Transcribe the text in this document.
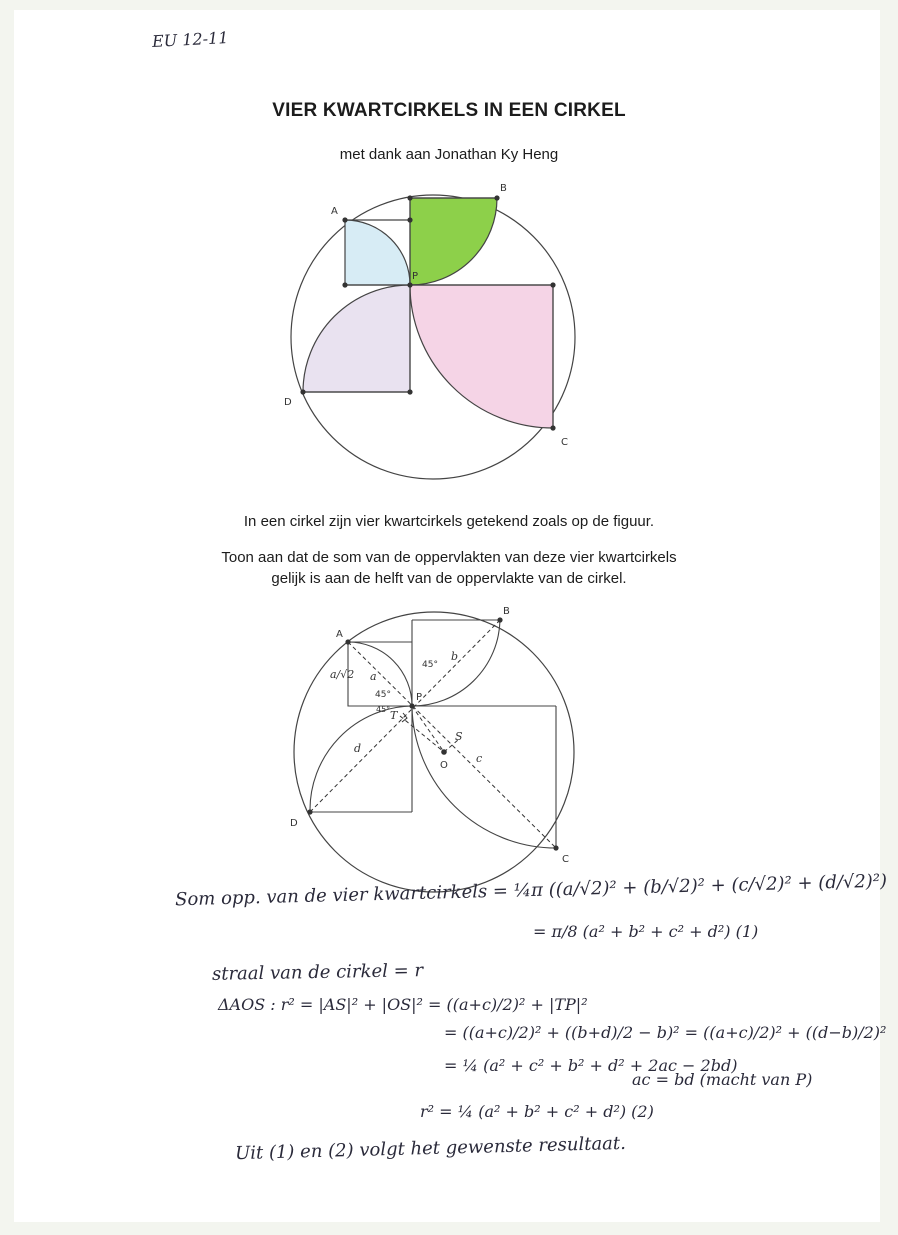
EU 12-11
VIER KWARTCIRKELS IN EEN CIRKEL
met dank aan Jonathan Ky Heng
A
B
C
D
P
In een cirkel zijn vier kwartcirkels getekend zoals op de figuur.
Toon aan dat de som van de oppervlakten van deze vier kwartcirkels
gelijk is aan de helft van de oppervlakte van de cirkel.
A
B
C
D
P
O
T
S
a/√2 a
b
c
d
45°
45°
45°
Som opp. van de vier kwartcirkels = ¼π ((a/√2)² + (b/√2)² + (c/√2)² + (d/√2)²)
= π/8 (a² + b² + c² + d²) (1)
straal van de cirkel = r
ΔAOS : r² = |AS|² + |OS|² = ((a+c)/2)² + |TP|²
= ((a+c)/2)² + ((b+d)/2 − b)² = ((a+c)/2)² + ((d−b)/2)²
= ¼ (a² + c² + b² + d² + 2ac − 2bd)
ac = bd (macht van P)
r² = ¼ (a² + b² + c² + d²) (2)
Uit (1) en (2) volgt het gewenste resultaat.
